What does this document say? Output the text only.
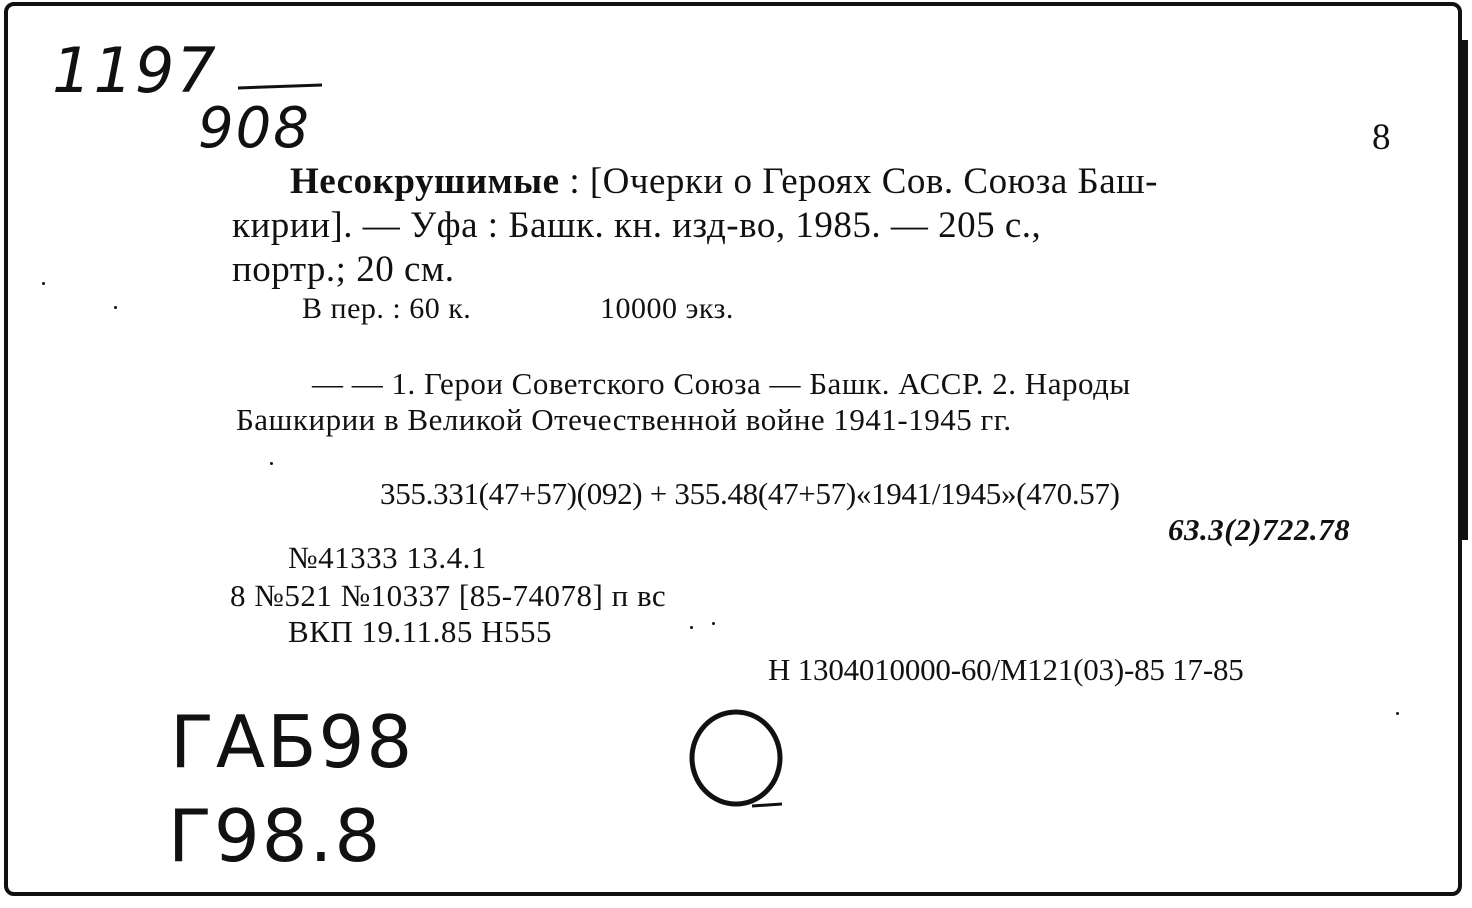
1197
908	8
Несокрушимые : [Очерки о Героях Сов. Союза Баш-
кирии]. — Уфа : Башк. кн. изд-во, 1985. — 205 с.,
портр.; 20 см.
В пер. : 60 к.	10000 экз.
— — 1. Герои Советского Союза — Башк. АССР. 2. Народы
Башкирии в Великой Отечественной войне 1941-1945 гг.
355.331(47+57)(092) + 355.48(47+57)«1941/1945»(470.57)
63.3(2)722.78
№41333 13.4.1
8 №521 №10337 [85-74078] п вс
ВКП 19.11.85 Н555
Н 1304010000-60/М121(03)-85 17-85
ГАБ98
Г98.8
